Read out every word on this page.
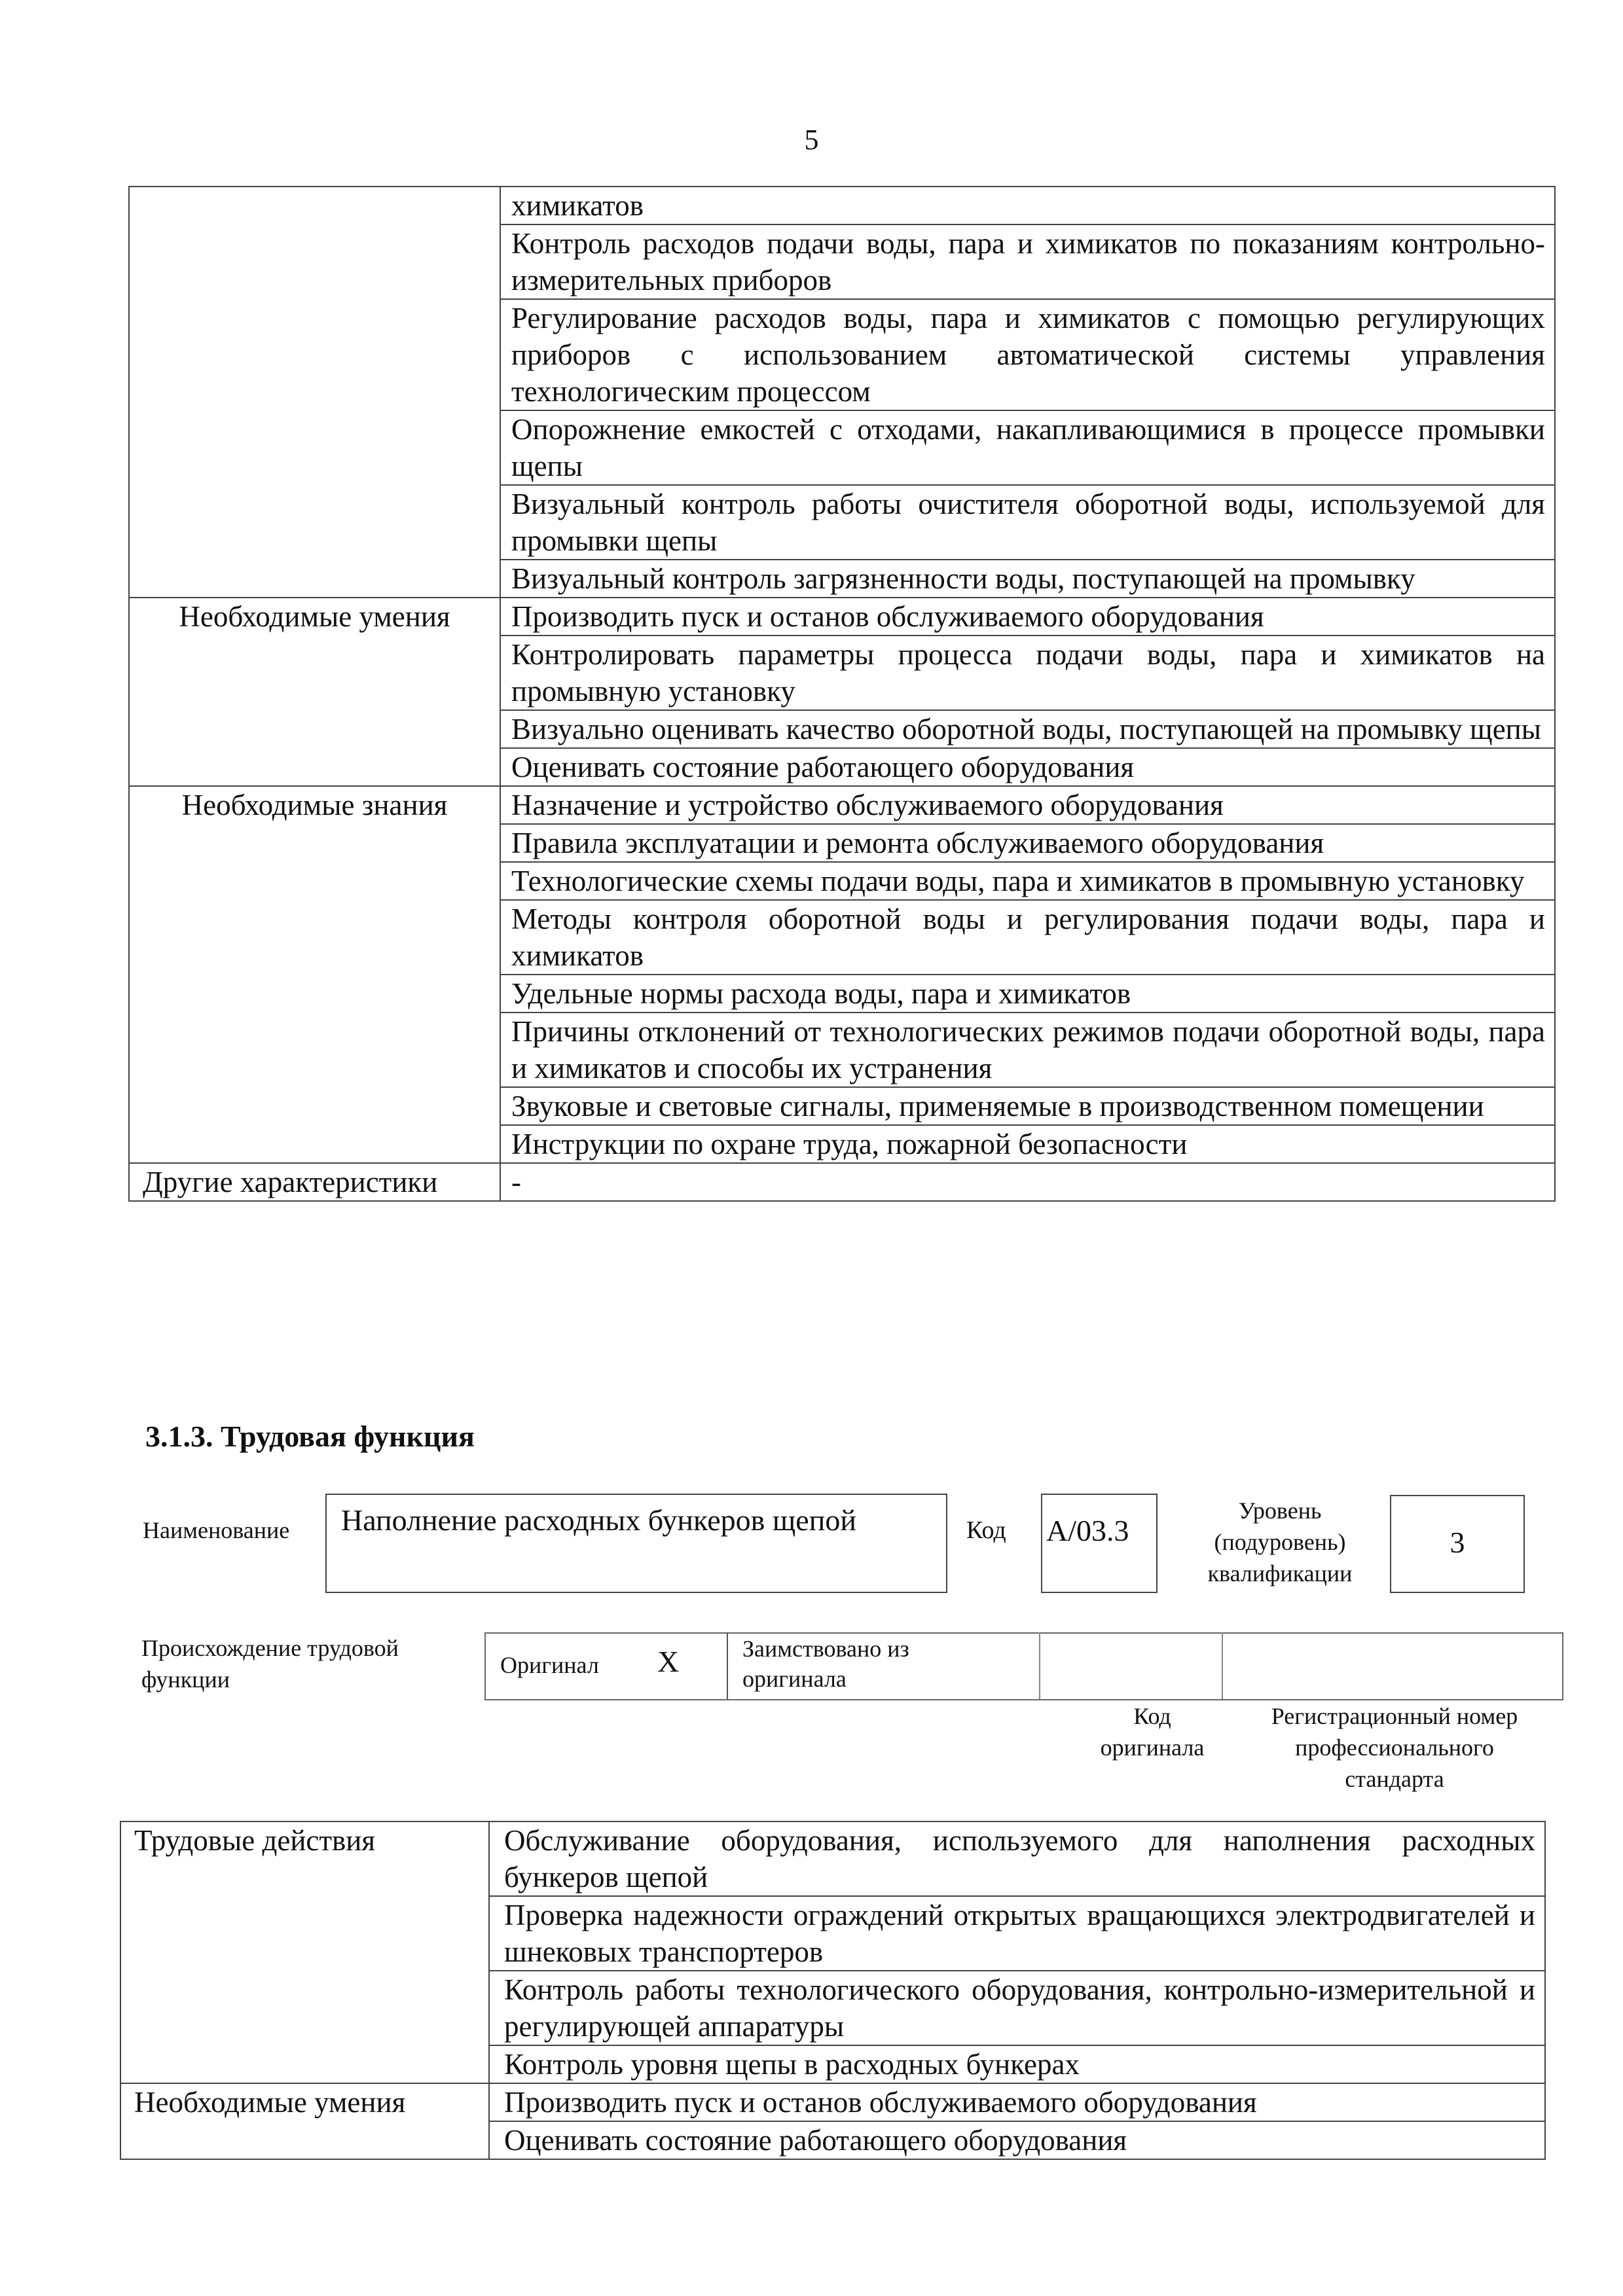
5
	химикатов
	Контроль расходов подачи воды, пара и химикатов по показаниям контрольно-измерительных приборов
	Регулирование расходов воды, пара и химикатов с помощью регулирующих приборов с использованием автоматической системы управления технологическим процессом
	Опорожнение емкостей с отходами, накапливающимися в процессе промывки щепы
	Визуальный контроль работы очистителя оборотной воды, используемой для промывки щепы
	Визуальный контроль загрязненности воды, поступающей на промывку
Необходимые умения	Производить пуск и останов обслуживаемого оборудования
	Контролировать параметры процесса подачи воды, пара и химикатов на промывную установку
	Визуально оценивать качество оборотной воды, поступающей на промывку щепы
	Оценивать состояние работающего оборудования
Необходимые знания	Назначение и устройство обслуживаемого оборудования
	Правила эксплуатации и ремонта обслуживаемого оборудования
	Технологические схемы подачи воды, пара и химикатов в промывную установку
	Методы контроля оборотной воды и регулирования подачи воды, пара и химикатов
	Удельные нормы расхода воды, пара и химикатов
	Причины отклонений от технологических режимов подачи оборотной воды, пара и химикатов и способы их устранения
	Звуковые и световые сигналы, применяемые в производственном помещении
	Инструкции по охране труда, пожарной безопасности
Другие характеристики	-
3.1.3. Трудовая функция
Наименование	Наполнение расходных бункеров щепой	Код А/03.3
Уровень
(подуровень)
квалификации
3
Происхождение трудовой
функции
Оригинал X	Заимствовано из
оригинала
Код
оригинала
Регистрационный номер
профессионального
стандарта
Трудовые действия	Обслуживание оборудования, используемого для наполнения расходных бункеров щепой
	Проверка надежности ограждений открытых вращающихся электродвигателей и шнековых транспортеров
	Контроль работы технологического оборудования, контрольно-измерительной и регулирующей аппаратуры
	Контроль уровня щепы в расходных бункерах
Необходимые умения	Производить пуск и останов обслуживаемого оборудования
	Оценивать состояние работающего оборудования
